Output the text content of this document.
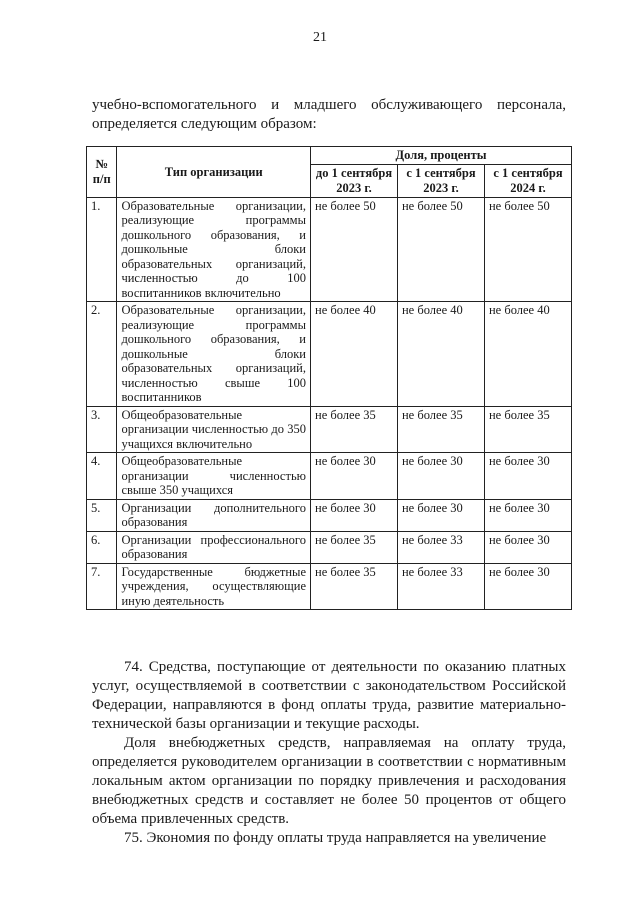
21
учебно-вспомогательного и младшего обслуживающего персонала, определяется следующим образом:
№ п/п	Тип организации	Доля, проценты		
		до 1 сентября 2023 г.	с 1 сентября 2023 г.	с 1 сентября 2024 г.
1.	Образовательные организации, реализующие программы дошкольного образования, и дошкольные блоки образовательных организаций, численностью до 100 воспитанников включительно	не более 50	не более 50	не более 50
2.	Образовательные организации, реализующие программы дошкольного образования, и дошкольные блоки образовательных организаций, численностью свыше 100 воспитанников	не более 40	не более 40	не более 40
3.	Общеобразовательные организации численностью до 350 учащихся включительно	не более 35	не более 35	не более 35
4.	Общеобразовательные организации численностью свыше 350 учащихся	не более 30	не более 30	не более 30
5.	Организации дополнительного образования	не более 30	не более 30	не более 30
6.	Организации профессионального образования	не более 35	не более 33	не более 30
7.	Государственные бюджетные учреждения, осуществляющие иную деятельность	не более 35	не более 33	не более 30

74. Средства, поступающие от деятельности по оказанию платных услуг, осуществляемой в соответствии с законодательством Российской Федерации, направляются в фонд оплаты труда, развитие материально-технической базы организации и текущие расходы.

Доля внебюджетных средств, направляемая на оплату труда, определяется руководителем организации в соответствии с нормативным локальным актом организации по порядку привлечения и расходования внебюджетных средств и составляет не более 50 процентов от общего объема привлеченных средств.

75. Экономия по фонду оплаты труда направляется на увеличение
